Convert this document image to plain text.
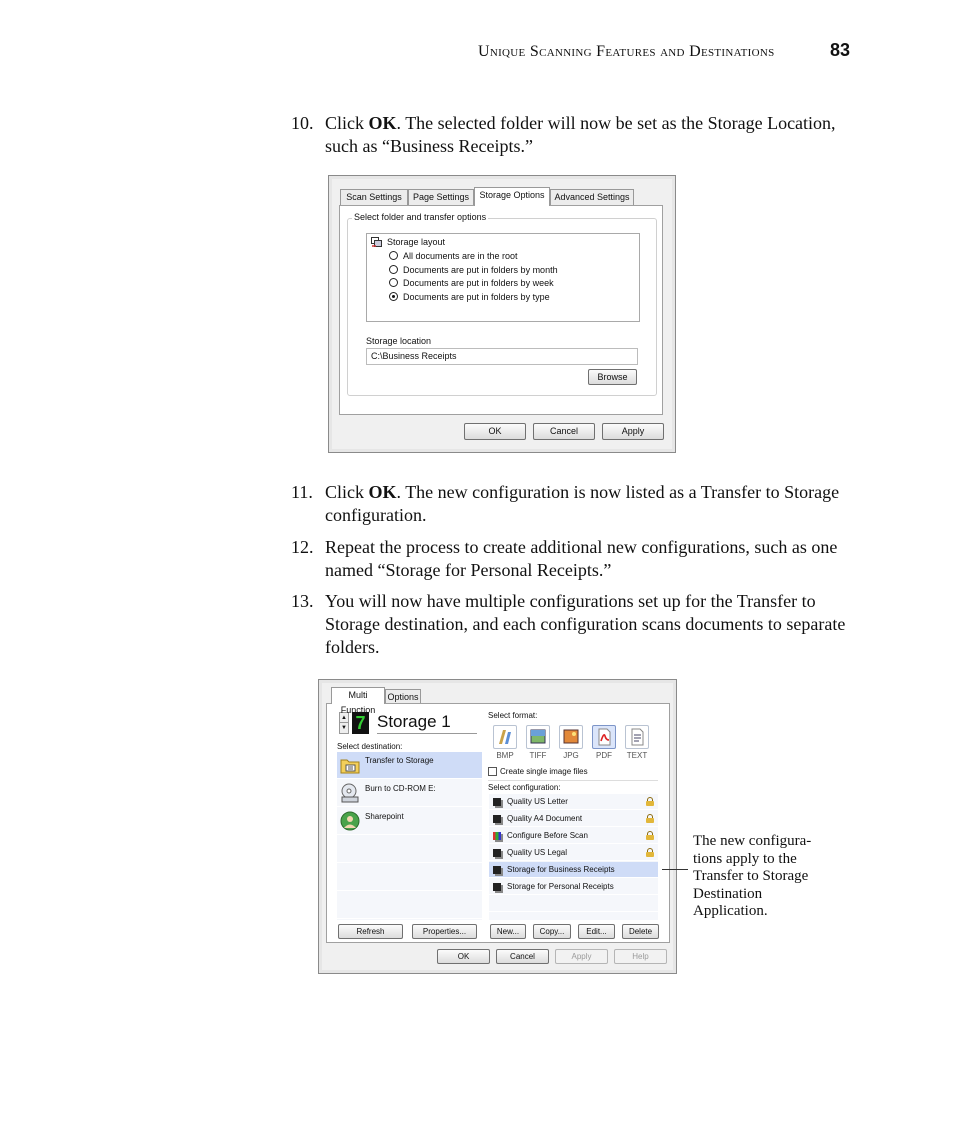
Unique Scanning Features and Destinations	83
10. Click OK. The selected folder will now be set as the Storage Location, such as “Business Receipts.”
Scan Settings	Page Settings	Storage Options	Advanced Settings
Select folder and transfer options
Storage layout
All documents are in the root
Documents are put in folders by month
Documents are put in folders by week
Documents are put in folders by type
Storage location
C:\Business Receipts
Browse
OK	Cancel	Apply
11. Click OK. The new configuration is now listed as a Transfer to Storage configuration.
12. Repeat the process to create additional new configurations, such as one named “Storage for Personal Receipts.”
13. You will now have multiple configurations set up for the Transfer to Storage destination, and each configuration scans documents to separate folders.
Multi Function
Options
▲
▼ 7 Storage 1
Select destination:
Transfer to Storage
Burn to CD-ROM E:
Sharepoint
Select format:
BMP	TIFF	JPG	PDF	TEXT
Create single image files
Select configuration:
Quality US Letter
Quality A4 Document
Configure Before Scan
Quality US Legal
Storage for Business Receipts
Storage for Personal Receipts
Refresh	Properties...	New...	Copy...	Edit...	Delete
OK	Cancel	Apply	Help
The new configura-tions apply to the Transfer to Storage Destination Application.
